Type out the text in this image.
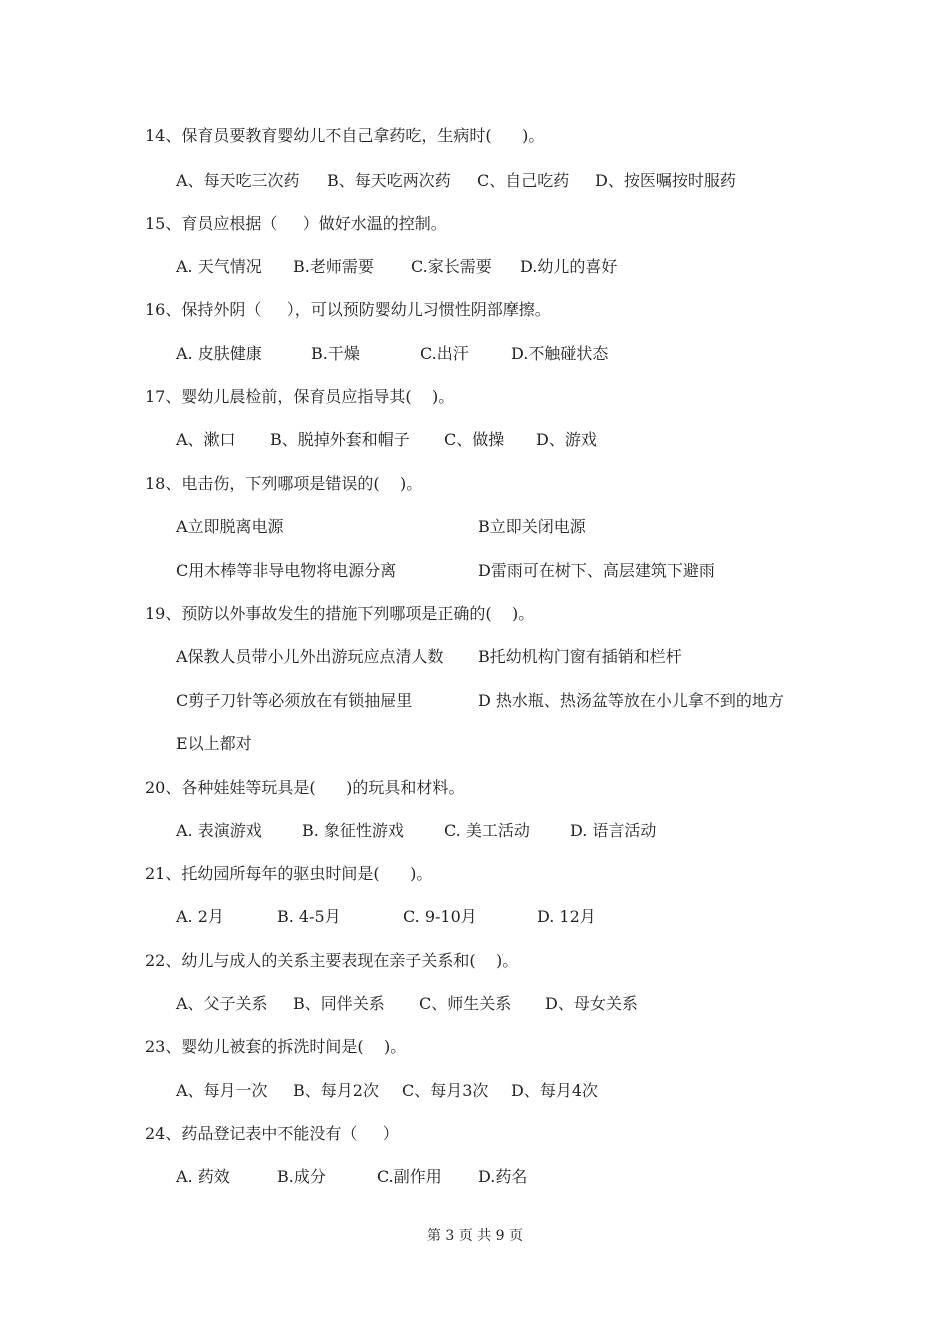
14、保育员要教育婴幼儿不自己拿药吃，生病时(      )。

A、每天吃三次药

B、每天吃两次药

C、自己吃药

D、按医嘱按时服药

15、育员应根据（     ）做好水温的控制。

A. 天气情况

B.老师需要

C.家长需要

D.幼儿的喜好

16、保持外阴（     ），可以预防婴幼儿习惯性阴部摩擦。

A. 皮肤健康

	B.干燥

	C.出汗

	D.不触碰状态

17、婴幼儿晨检前，保育员应指导其(    )。

A、漱口

B、脱掉外套和帽子

C、做操

D、游戏

18、电击伤，下列哪项是错误的(    )。

A立即脱离电源

	B立即关闭电源

C用木棒等非导电物将电源分离

	D雷雨可在树下、高层建筑下避雨

19、预防以外事故发生的措施下列哪项是正确的(    )。

A保教人员带小儿外出游玩应点清人数

B托幼机构门窗有插销和栏杆

C剪子刀针等必须放在有锁抽屉里

	D 热水瓶、热汤盆等放在小儿拿不到的地方

E以上都对

20、各种娃娃等玩具是(      )的玩具和材料。

A. 表演游戏

	B. 象征性游戏

	C. 美工活动

	D. 语言活动

21、托幼园所每年的驱虫时间是(      )。

A. 2月

	B. 4-5月

	C. 9-10月

	D. 12月

22、幼儿与成人的关系主要表现在亲子关系和(    )。

A、父子关系

B、同伴关系

C、师生关系

D、母女关系

23、婴幼儿被套的拆洗时间是(    )。

A、每月一次

B、每月2次

C、每月3次

D、每月4次

24、药品登记表中不能没有（     ）

A. 药效

	B.成分

	C.副作用

D.药名

第 3 页 共 9 页
